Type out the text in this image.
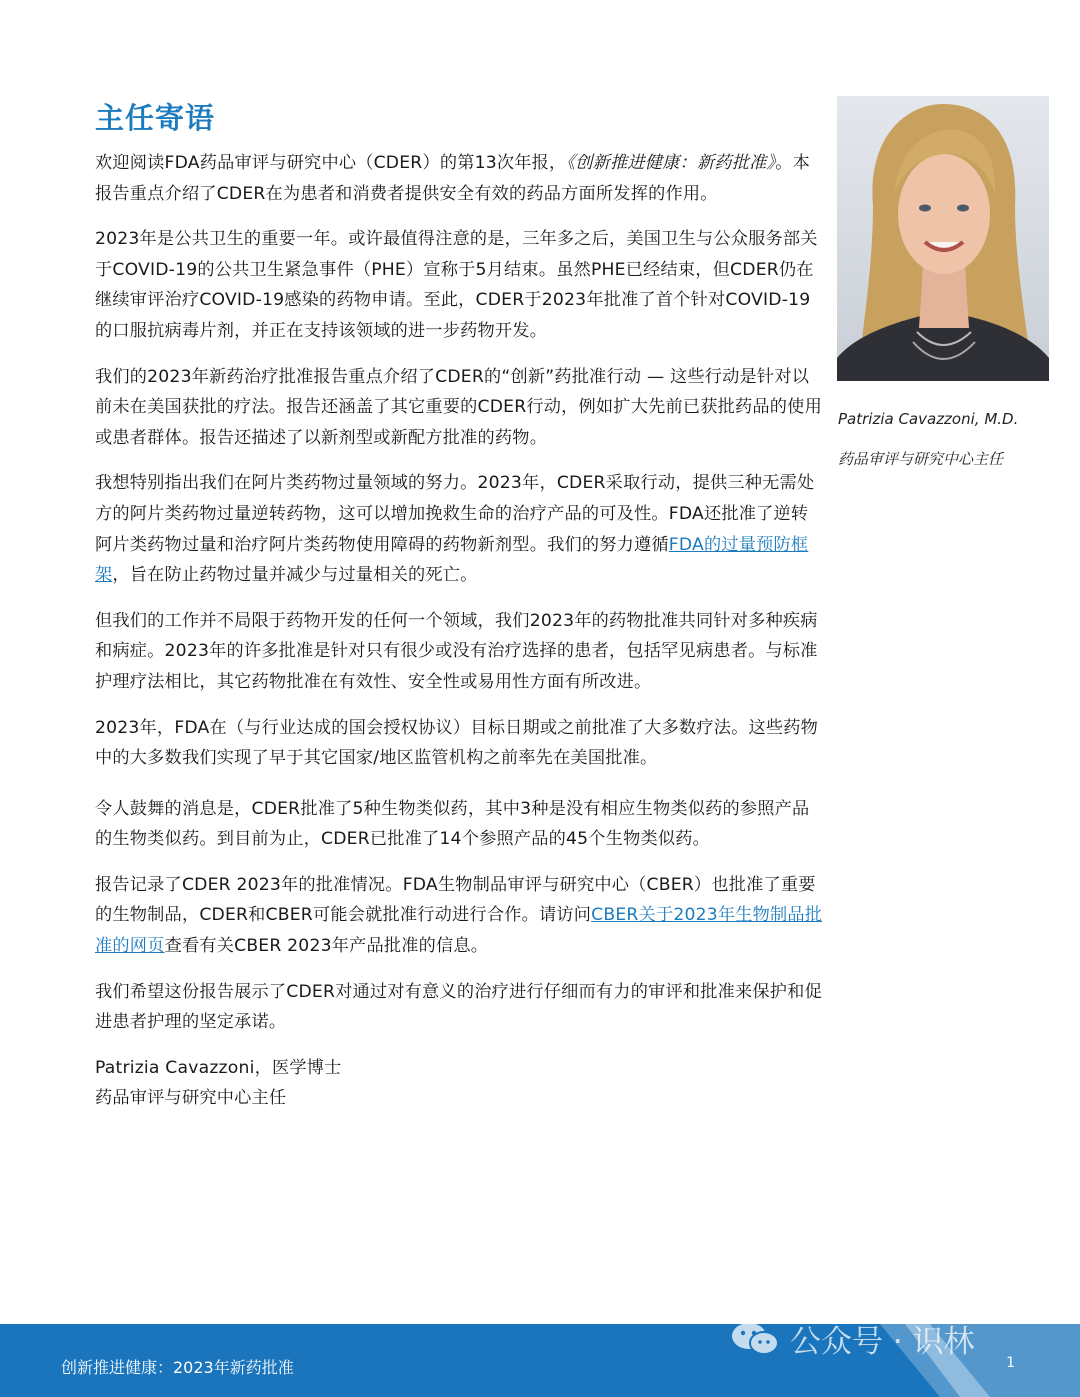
主任寄语

欢迎阅读FDA药品审评与研究中心（CDER）的第13次年报，《创新推进健康：新药批准》。本报告重点介绍了CDER在为患者和消费者提供安全有效的药品方面所发挥的作用。

2023年是公共卫生的重要一年。或许最值得注意的是，三年多之后，美国卫生与公众服务部关于COVID-19的公共卫生紧急事件（PHE）宣称于5月结束。虽然PHE已经结束，但CDER仍在继续审评治疗COVID-19感染的药物申请。至此，CDER于2023年批准了首个针对COVID-19的口服抗病毒片剂，并正在支持该领域的进一步药物开发。

我们的2023年新药治疗批准报告重点介绍了CDER的“创新”药批准行动 — 这些行动是针对以前未在美国获批的疗法。报告还涵盖了其它重要的CDER行动，例如扩大先前已获批药品的使用或患者群体。报告还描述了以新剂型或新配方批准的药物。

我想特别指出我们在阿片类药物过量领域的努力。2023年，CDER采取行动，提供三种无需处方的阿片类药物过量逆转药物，这可以增加挽救生命的治疗产品的可及性。FDA还批准了逆转阿片类药物过量和治疗阿片类药物使用障碍的药物新剂型。我们的努力遵循FDA的过量预防框架，旨在防止药物过量并减少与过量相关的死亡。

但我们的工作并不局限于药物开发的任何一个领域，我们2023年的药物批准共同针对多种疾病和病症。2023年的许多批准是针对只有很少或没有治疗选择的患者，包括罕见病患者。与标准护理疗法相比，其它药物批准在有效性、安全性或易用性方面有所改进。

2023年，FDA在（与行业达成的国会授权协议）目标日期或之前批准了大多数疗法。这些药物中的大多数我们实现了早于其它国家/地区监管机构之前率先在美国批准。

令人鼓舞的消息是，CDER批准了5种生物类似药，其中3种是没有相应生物类似药的参照产品的生物类似药。到目前为止，CDER已批准了14个参照产品的45个生物类似药。

报告记录了CDER 2023年的批准情况。FDA生物制品审评与研究中心（CBER）也批准了重要的生物制品，CDER和CBER可能会就批准行动进行合作。请访问CBER关于2023年生物制品批准的网页查看有关CBER 2023年产品批准的信息。

我们希望这份报告展示了CDER对通过对有意义的治疗进行仔细而有力的审评和批准来保护和促进患者护理的坚定承诺。

Patrizia Cavazzoni，医学博士

药品审评与研究中心主任

Patrizia Cavazzoni, M.D.
药品审评与研究中心主任
公众号 · 识林
创新推进健康：2023年新药批准	1
